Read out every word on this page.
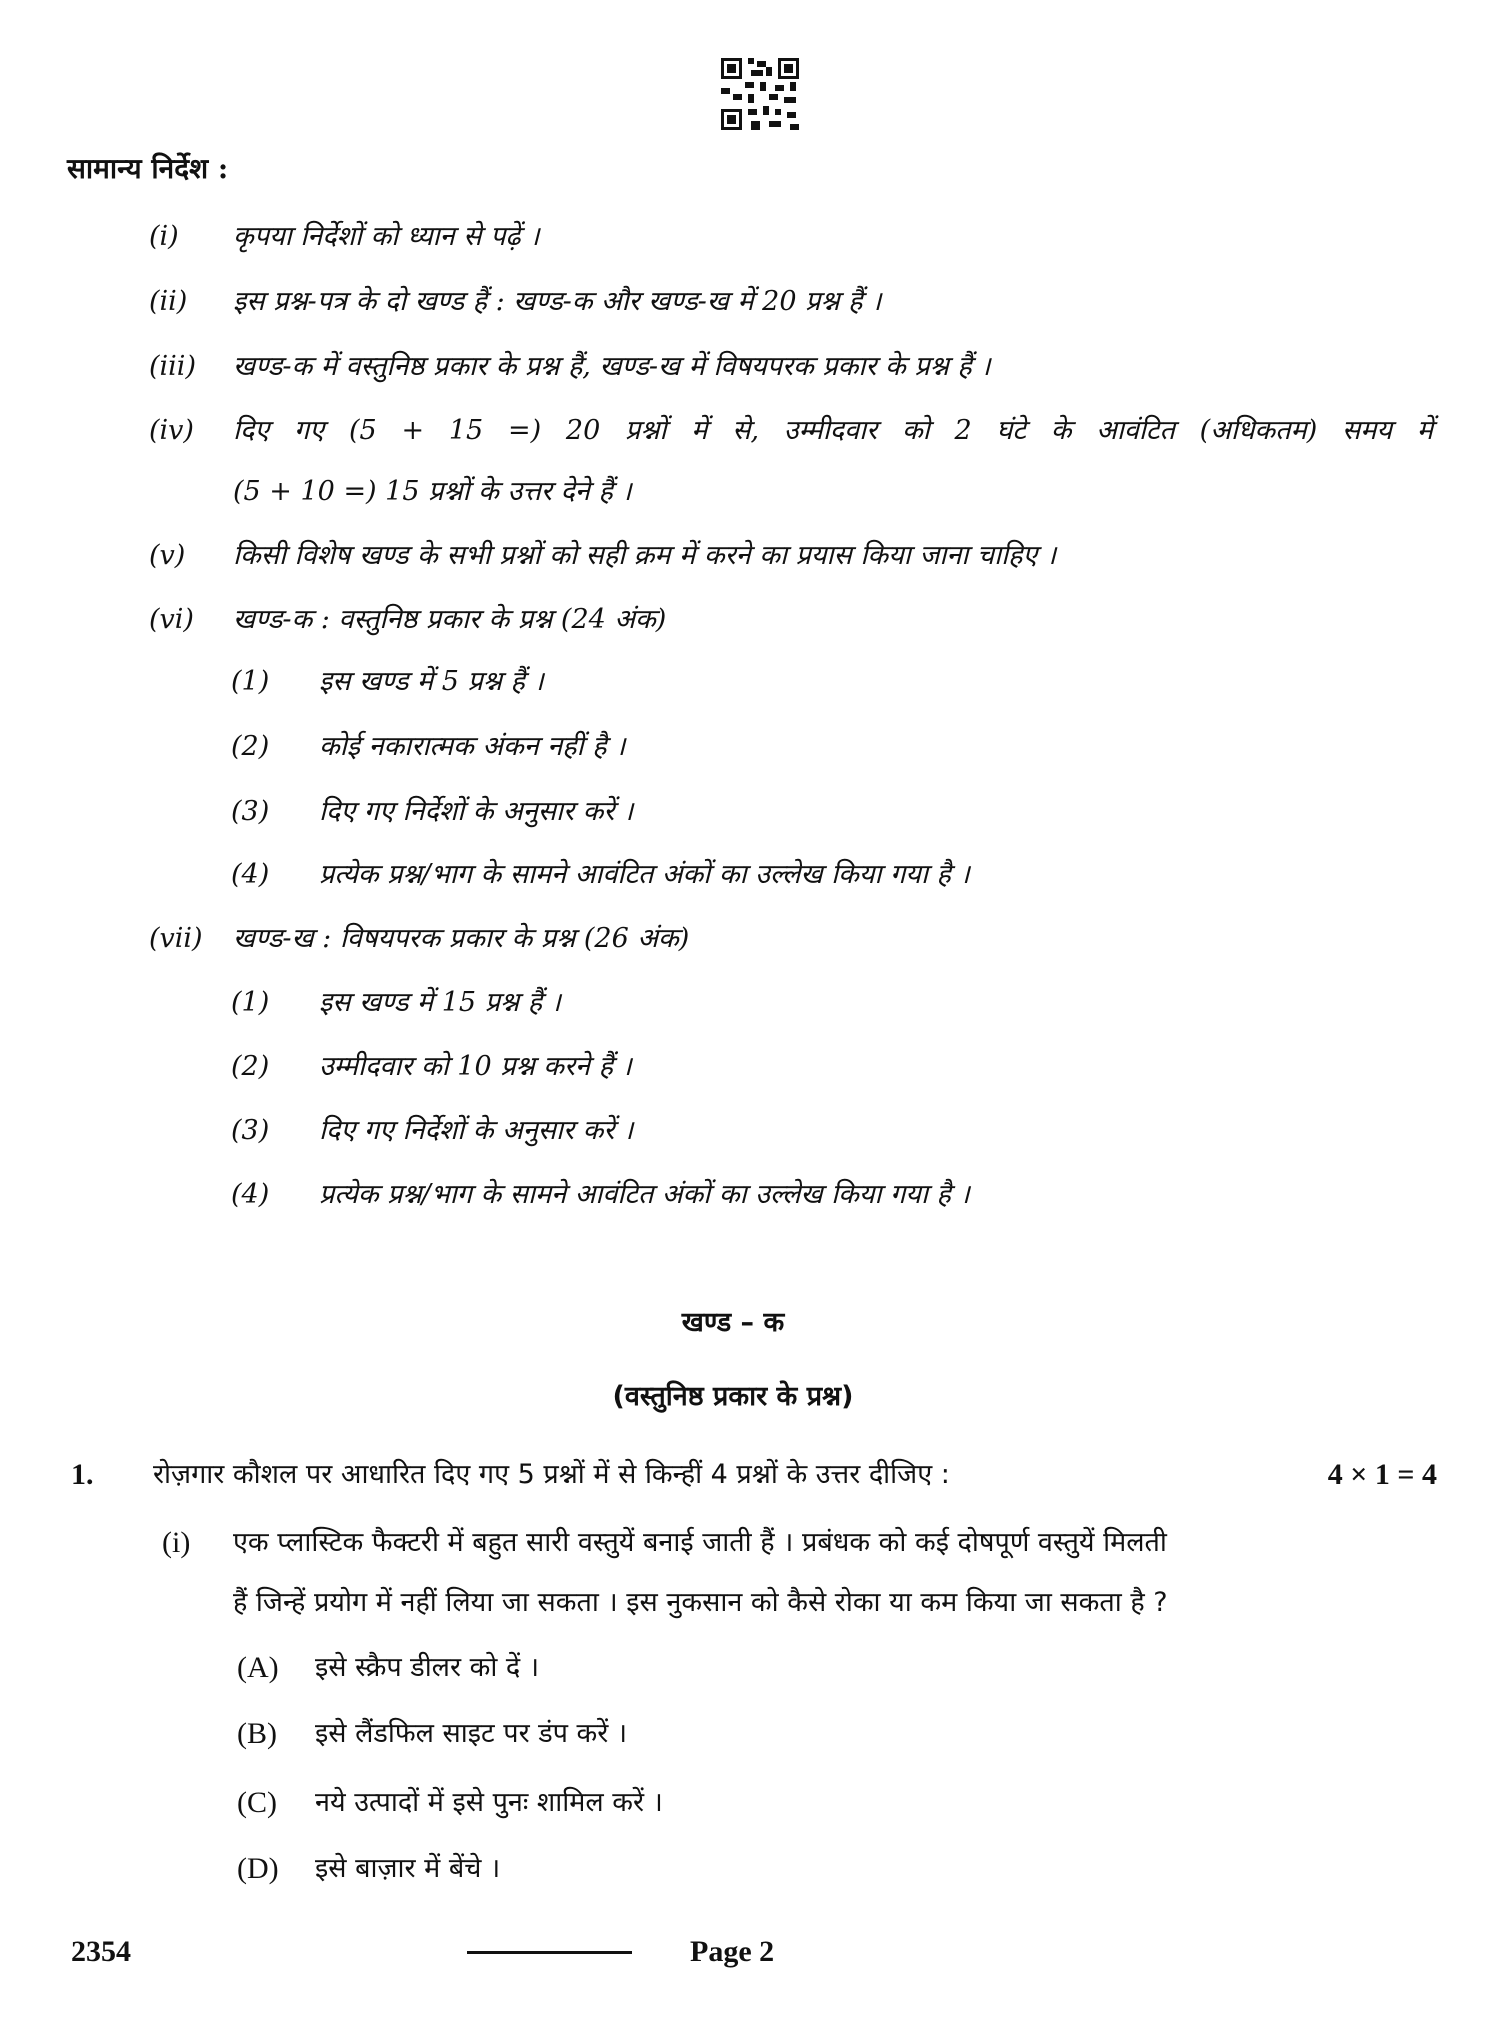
सामान्य निर्देश :
(i) कृपया निर्देशों को ध्यान से पढ़ें ।
(ii) इस प्रश्न-पत्र के दो खण्ड हैं : खण्ड-क और खण्ड-ख में 20 प्रश्न हैं ।
(iii) खण्ड-क में वस्तुनिष्ठ प्रकार के प्रश्न हैं, खण्ड-ख में विषयपरक प्रकार के प्रश्न हैं ।
(iv) दिए गए (5 + 15 =) 20 प्रश्नों में से, उम्मीदवार को 2 घंटे के आवंटित (अधिकतम) समय में
(5 + 10 =) 15 प्रश्नों के उत्तर देने हैं ।
(v) किसी विशेष खण्ड के सभी प्रश्नों को सही क्रम में करने का प्रयास किया जाना चाहिए ।
(vi) खण्ड-क : वस्तुनिष्ठ प्रकार के प्रश्न (24 अंक)
(1) इस खण्ड में 5 प्रश्न हैं ।
(2) कोई नकारात्मक अंकन नहीं है ।
(3) दिए गए निर्देशों के अनुसार करें ।
(4) प्रत्येक प्रश्न/भाग के सामने आवंटित अंकों का उल्लेख किया गया है ।
(vii) खण्ड-ख : विषयपरक प्रकार के प्रश्न (26 अंक)
(1) इस खण्ड में 15 प्रश्न हैं ।
(2) उम्मीदवार को 10 प्रश्न करने हैं ।
(3) दिए गए निर्देशों के अनुसार करें ।
(4) प्रत्येक प्रश्न/भाग के सामने आवंटित अंकों का उल्लेख किया गया है ।
खण्ड – क
(वस्तुनिष्ठ प्रकार के प्रश्न)
1. रोज़गार कौशल पर आधारित दिए गए 5 प्रश्नों में से किन्हीं 4 प्रश्नों के उत्तर दीजिए :	4 × 1 = 4
(i) एक प्लास्टिक फैक्टरी में बहुत सारी वस्तुयें बनाई जाती हैं । प्रबंधक को कई दोषपूर्ण वस्तुयें मिलती
हैं जिन्हें प्रयोग में नहीं लिया जा सकता । इस नुकसान को कैसे रोका या कम किया जा सकता है ?
(A) इसे स्क्रैप डीलर को दें ।
(B) इसे लैंडफिल साइट पर डंप करें ।
(C) नये उत्पादों में इसे पुनः शामिल करें ।
(D) इसे बाज़ार में बेंचे ।
2354	Page 2
